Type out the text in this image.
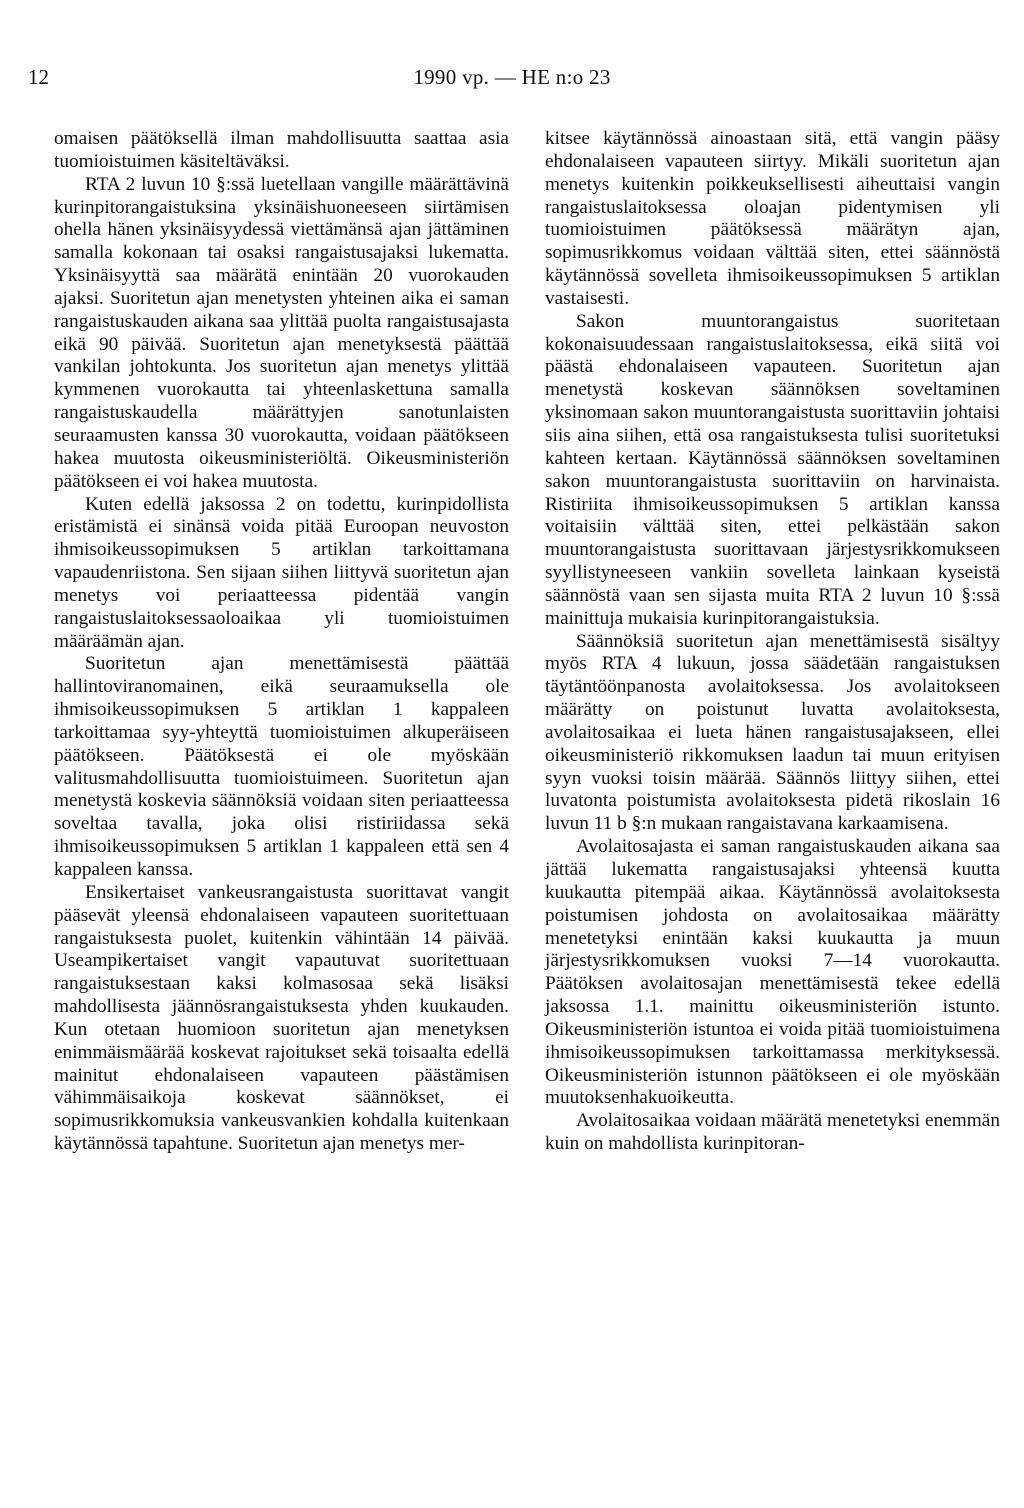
12	1990 vp. — HE n:o 23

omaisen päätöksellä ilman mahdollisuutta saattaa asia tuomioistuimen käsiteltäväksi.

RTA 2 luvun 10 §:ssä luetellaan vangille määrättävinä kurinpitorangaistuksina yksinäishuoneeseen siirtämisen ohella hänen yksinäisyydessä viettämänsä ajan jättäminen samalla kokonaan tai osaksi rangaistusajaksi lukematta. Yksinäisyyttä saa määrätä enintään 20 vuorokauden ajaksi. Suoritetun ajan menetysten yhteinen aika ei saman rangaistuskauden aikana saa ylittää puolta rangaistusajasta eikä 90 päivää. Suoritetun ajan menetyksestä päättää vankilan johtokunta. Jos suoritetun ajan menetys ylittää kymmenen vuorokautta tai yhteenlaskettuna samalla rangaistuskaudella määrättyjen sanotunlaisten seuraamusten kanssa 30 vuorokautta, voidaan päätökseen hakea muutosta oikeusministeriöltä. Oikeusministeriön päätökseen ei voi hakea muutosta.

Kuten edellä jaksossa 2 on todettu, kurinpidollista eristämistä ei sinänsä voida pitää Euroopan neuvoston ihmisoikeussopimuksen 5 artiklan tarkoittamana vapaudenriistona. Sen sijaan siihen liittyvä suoritetun ajan menetys voi periaatteessa pidentää vangin rangaistuslaitoksessaoloaikaa yli tuomioistuimen määräämän ajan.

Suoritetun ajan menettämisestä päättää hallintoviranomainen, eikä seuraamuksella ole ihmisoikeussopimuksen 5 artiklan 1 kappaleen tarkoittamaa syy-yhteyttä tuomioistuimen alkuperäiseen päätökseen. Päätöksestä ei ole myöskään valitusmahdollisuutta tuomioistuimeen. Suoritetun ajan menetystä koskevia säännöksiä voidaan siten periaatteessa soveltaa tavalla, joka olisi ristiriidassa sekä ihmisoikeussopimuksen 5 artiklan 1 kappaleen että sen 4 kappaleen kanssa.

Ensikertaiset vankeusrangaistusta suorittavat vangit pääsevät yleensä ehdonalaiseen vapauteen suoritettuaan rangaistuksesta puolet, kuitenkin vähintään 14 päivää. Useampikertaiset vangit vapautuvat suoritettuaan rangaistuksestaan kaksi kolmasosaa sekä lisäksi mahdollisesta jäännösrangaistuksesta yhden kuukauden. Kun otetaan huomioon suoritetun ajan menetyksen enimmäismäärää koskevat rajoitukset sekä toisaalta edellä mainitut ehdonalaiseen vapauteen päästämisen vähimmäisaikoja koskevat säännökset, ei sopimusrikkomuksia vankeusvankien kohdalla kuitenkaan käytännössä tapahtune. Suoritetun ajan menetys mer-

kitsee käytännössä ainoastaan sitä, että vangin pääsy ehdonalaiseen vapauteen siirtyy. Mikäli suoritetun ajan menetys kuitenkin poikkeuksellisesti aiheuttaisi vangin rangaistuslaitoksessa oloajan pidentymisen yli tuomioistuimen päätöksessä määrätyn ajan, sopimusrikkomus voidaan välttää siten, ettei säännöstä käytännössä sovelleta ihmisoikeussopimuksen 5 artiklan vastaisesti.

Sakon muuntorangaistus suoritetaan kokonaisuudessaan rangaistuslaitoksessa, eikä siitä voi päästä ehdonalaiseen vapauteen. Suoritetun ajan menetystä koskevan säännöksen soveltaminen yksinomaan sakon muuntorangaistusta suorittaviin johtaisi siis aina siihen, että osa rangaistuksesta tulisi suoritetuksi kahteen kertaan. Käytännössä säännöksen soveltaminen sakon muuntorangaistusta suorittaviin on harvinaista. Ristiriita ihmisoikeussopimuksen 5 artiklan kanssa voitaisiin välttää siten, ettei pelkästään sakon muuntorangaistusta suorittavaan järjestysrikkomukseen syyllistyneeseen vankiin sovelleta lainkaan kyseistä säännöstä vaan sen sijasta muita RTA 2 luvun 10 §:ssä mainittuja mukaisia kurinpitorangaistuksia.

Säännöksiä suoritetun ajan menettämisestä sisältyy myös RTA 4 lukuun, jossa säädetään rangaistuksen täytäntöönpanosta avolaitoksessa. Jos avolaitokseen määrätty on poistunut luvatta avolaitoksesta, avolaitosaikaa ei lueta hänen rangaistusajakseen, ellei oikeusministeriö rikkomuksen laadun tai muun erityisen syyn vuoksi toisin määrää. Säännös liittyy siihen, ettei luvatonta poistumista avolaitoksesta pidetä rikoslain 16 luvun 11 b §:n mukaan rangaistavana karkaamisena.

Avolaitosajasta ei saman rangaistuskauden aikana saa jättää lukematta rangaistusajaksi yhteensä kuutta kuukautta pitempää aikaa. Käytännössä avolaitoksesta poistumisen johdosta on avolaitosaikaa määrätty menetetyksi enintään kaksi kuukautta ja muun järjestysrikkomuksen vuoksi 7—14 vuorokautta. Päätöksen avolaitosajan menettämisestä tekee edellä jaksossa 1.1. mainittu oikeusministeriön istunto. Oikeusministeriön istuntoa ei voida pitää tuomioistuimena ihmisoikeussopimuksen tarkoittamassa merkityksessä. Oikeusministeriön istunnon päätökseen ei ole myöskään muutoksenhakuoikeutta.

Avolaitosaikaa voidaan määrätä menetetyksi enemmän kuin on mahdollista kurinpitoran-
